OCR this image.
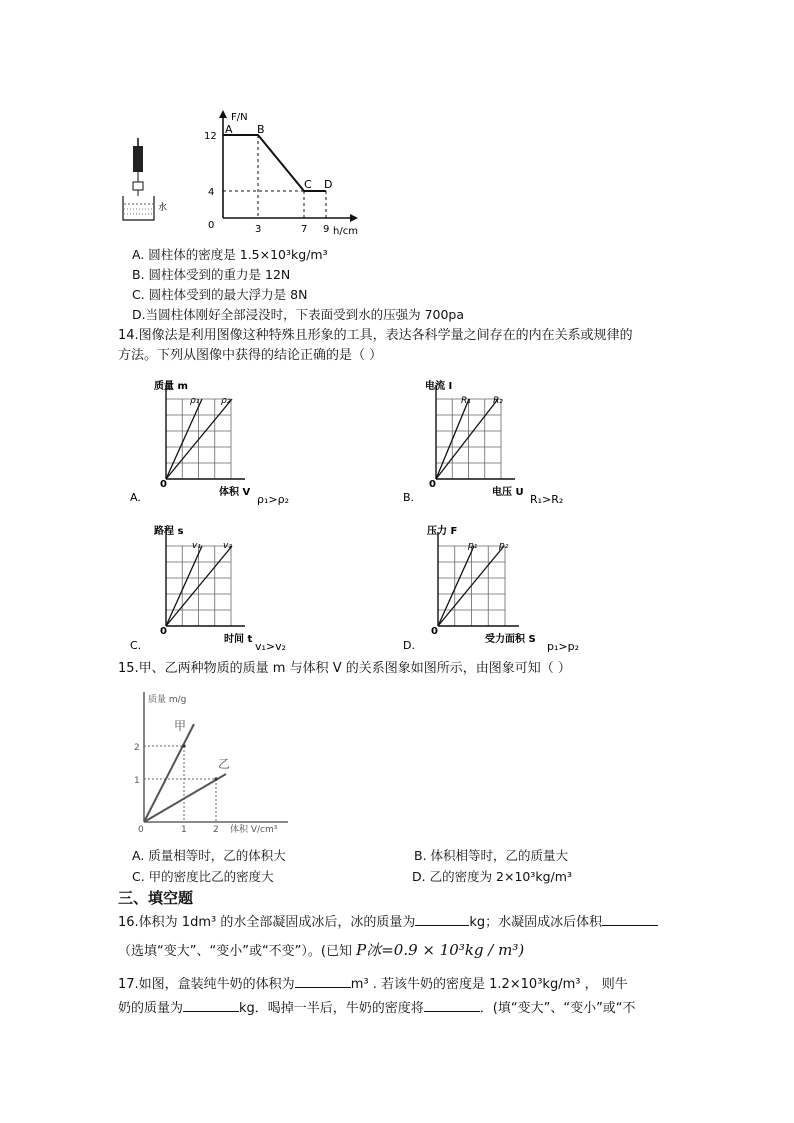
水
F/N
h/cm
12
4
0	3	7 9
A B
C D
A. 圆柱体的密度是 1.5×10³kg/m³
B. 圆柱体受到的重力是 12N
C. 圆柱体受到的最大浮力是 8N
D.当圆柱体刚好全部浸没时，下表面受到水的压强为 700pa
14.图像法是利用图像这种特殊且形象的工具，表达各科学量之间存在的内在关系或规律的
方法。下列从图像中获得的结论正确的是（ ）
质量 m
ρ₁ ρ₂
0
体积 V
A.	ρ₁>ρ₂
电流 I
R₁ R₂
0
电压 U
B.	R₁>R₂
路程 s
v₁ v₂
0
时间 t
C.	v₁>v₂
压力 F
p₁ p₂
0
受力面积 S
D.	p₁>p₂
15.甲、乙两种物质的质量 m 与体积 V 的关系图象如图所示，由图象可知（ ）
质量 m/g
体积 V/cm³
甲
乙
2
1
0	1	2
A. 质量相等时，乙的体积大	B. 体积相等时，乙的质量大
C. 甲的密度比乙的密度大	D. 乙的密度为 2×10³kg/m³
三、填空题
16.体积为 1dm³ 的水全部凝固成冰后，冰的质量为	kg；水凝固成冰后体积
（选填“变大”、“变小”或“不变”）。(已知 P冰=0.9 × 10³kg / m³)
17.如图，盒装纯牛奶的体积为	m³ . 若该牛奶的密度是 1.2×10³kg/m³ ， 则牛
奶的质量为	kg．喝掉一半后，牛奶的密度将	．(填“变大”、“变小”或“不
